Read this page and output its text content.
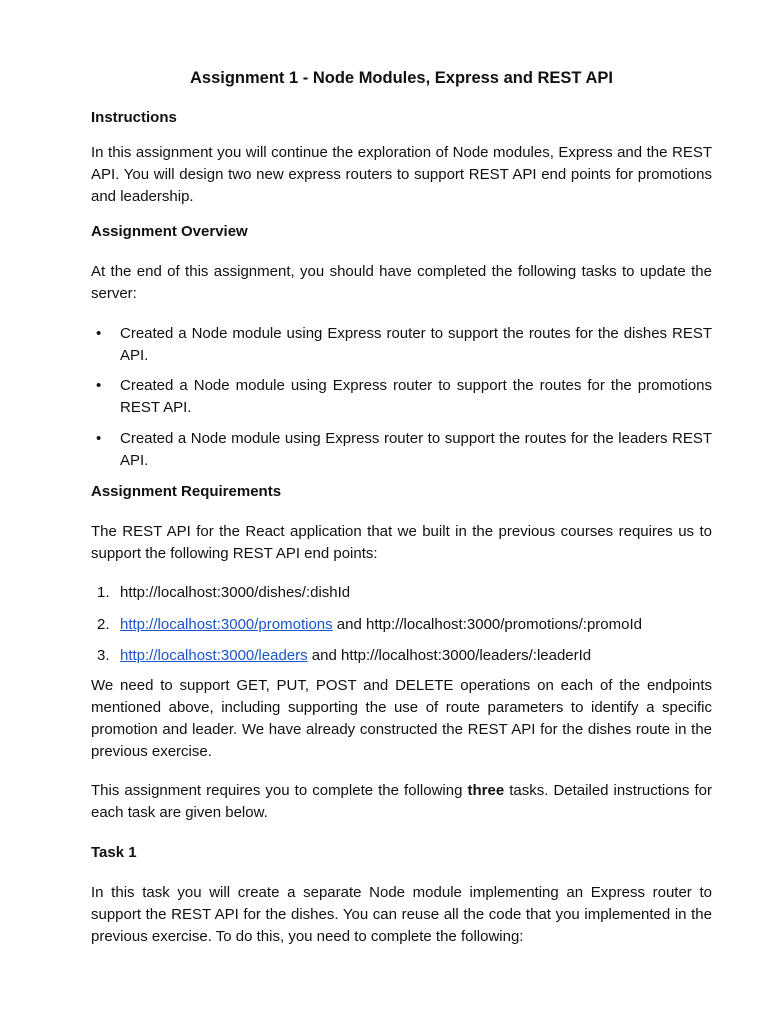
Assignment 1 - Node Modules, Express and REST API
Instructions

In this assignment you will continue the exploration of Node modules, Express and the REST API. You will design two new express routers to support REST API end points for promotions and leadership.

Assignment Overview

At the end of this assignment, you should have completed the following tasks to update the server:

• Created a Node module using Express router to support the routes for the dishes REST API.
• Created a Node module using Express router to support the routes for the promotions REST API.
• Created a Node module using Express router to support the routes for the leaders REST API.
Assignment Requirements

The REST API for the React application that we built in the previous courses requires us to support the following REST API end points:

1. http://localhost:3000/dishes/:dishId
2. http://localhost:3000/promotions and http://localhost:3000/promotions/:promoId
3. http://localhost:3000/leaders and http://localhost:3000/leaders/:leaderId

We need to support GET, PUT, POST and DELETE operations on each of the endpoints mentioned above, including supporting the use of route parameters to identify a specific promotion and leader. We have already constructed the REST API for the dishes route in the previous exercise.

This assignment requires you to complete the following three tasks. Detailed instructions for each task are given below.

Task 1

In this task you will create a separate Node module implementing an Express router to support the REST API for the dishes. You can reuse all the code that you implemented in the previous exercise. To do this, you need to complete the following:
